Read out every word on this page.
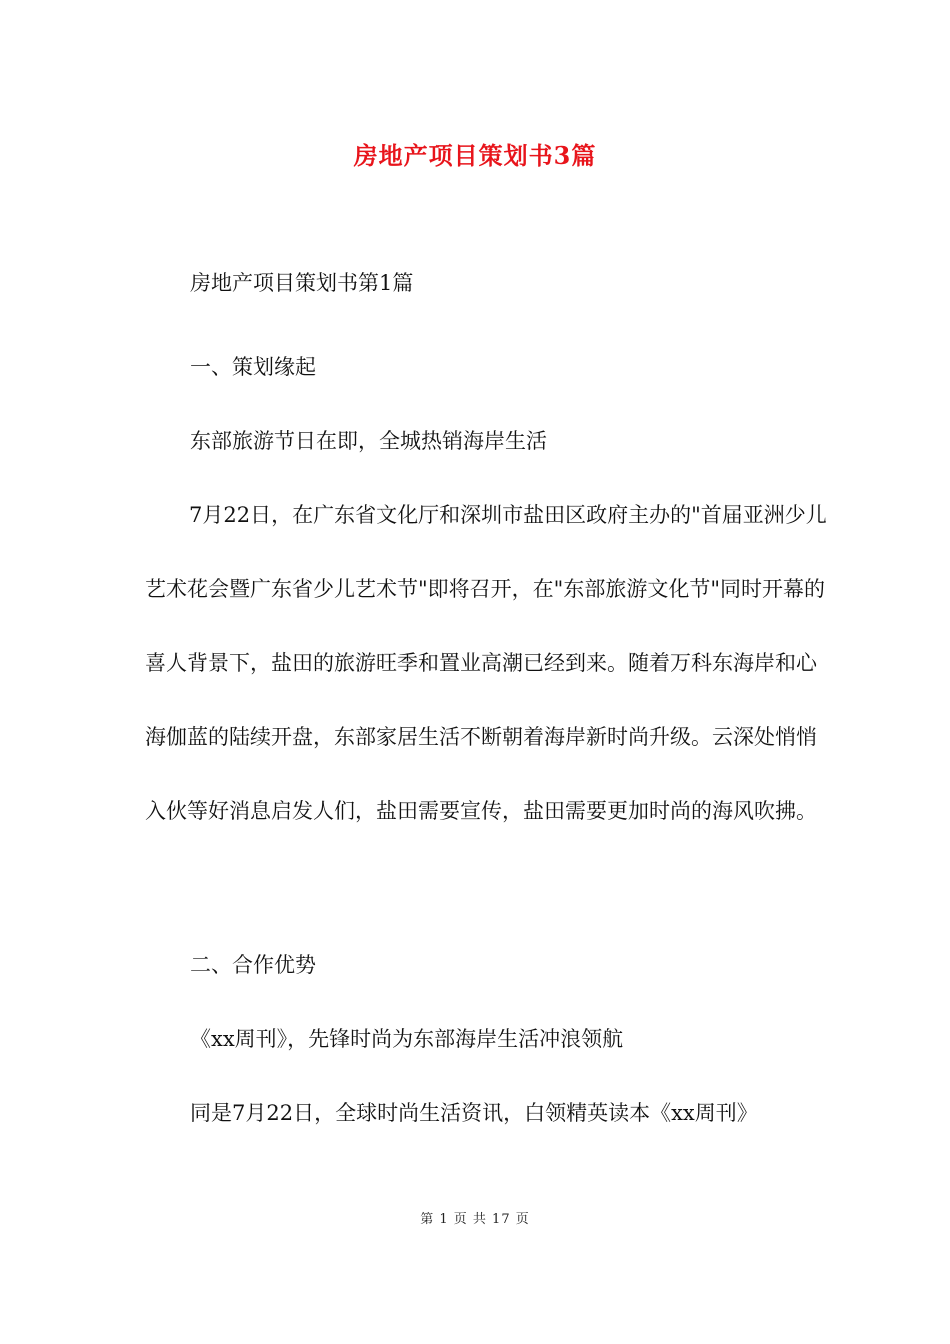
房地产项目策划书3篇

房地产项目策划书第1篇

一、策划缘起

东部旅游节日在即，全城热销海岸生活

7月22日，在广东省文化厅和深圳市盐田区政府主办的"首届亚洲少儿艺术花会暨广东省少儿艺术节"即将召开，在"东部旅游文化节"同时开幕的喜人背景下，盐田的旅游旺季和置业高潮已经到来。随着万科东海岸和心海伽蓝的陆续开盘，东部家居生活不断朝着海岸新时尚升级。云深处悄悄入伙等好消息启发人们，盐田需要宣传，盐田需要更加时尚的海风吹拂。

二、合作优势

《xx周刊》，先锋时尚为东部海岸生活冲浪领航

同是7月22日，全球时尚生活资讯，白领精英读本《xx周刊》

第 1 页 共 17 页
